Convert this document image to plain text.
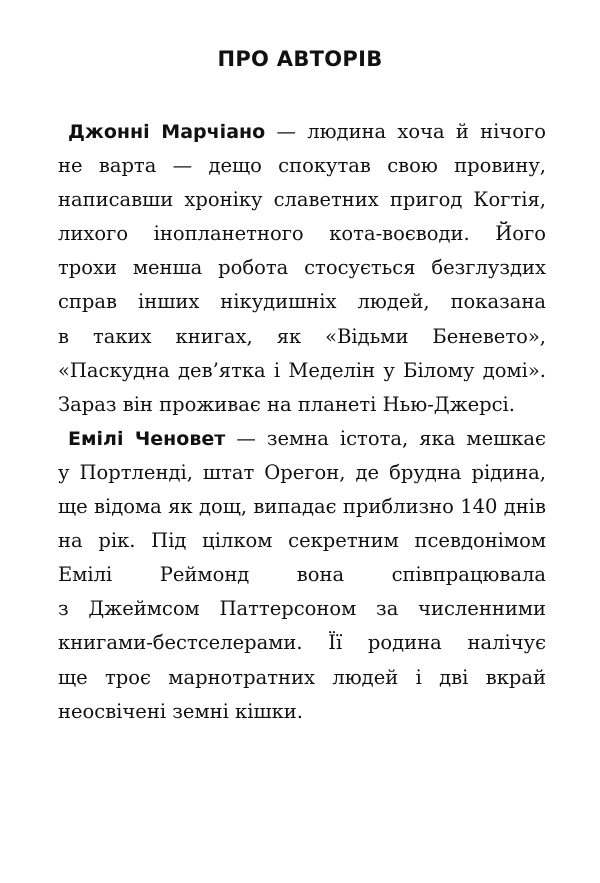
ПРО АВТОРІВ
Джонні Марчіано — людина хоча й нічого
не варта — дещо спокутав свою провину,
написавши хроніку славетних пригод Когтія,
лихого інопланетного кота-воєводи. Його
трохи менша робота стосується безглуздих
справ інших нікудишніх людей, показана
в таких книгах, як «Відьми Беневето»,
«Паскудна дев’ятка і Меделін у Білому домі».
Зараз він проживає на планеті Нью-Джерсі.
Емілі Ченовет — земна істота, яка мешкає
у Портленді, штат Орегон, де брудна рідина,
ще відома як дощ, випадає приблизно 140 днів
на рік. Під цілком секретним псевдонімом
Емілі Реймонд вона співпрацювала
з Джеймсом Паттерсоном за численними
книгами-бестселерами. Її родина налічує
ще троє марнотратних людей і дві вкрай
неосвічені земні кішки.
